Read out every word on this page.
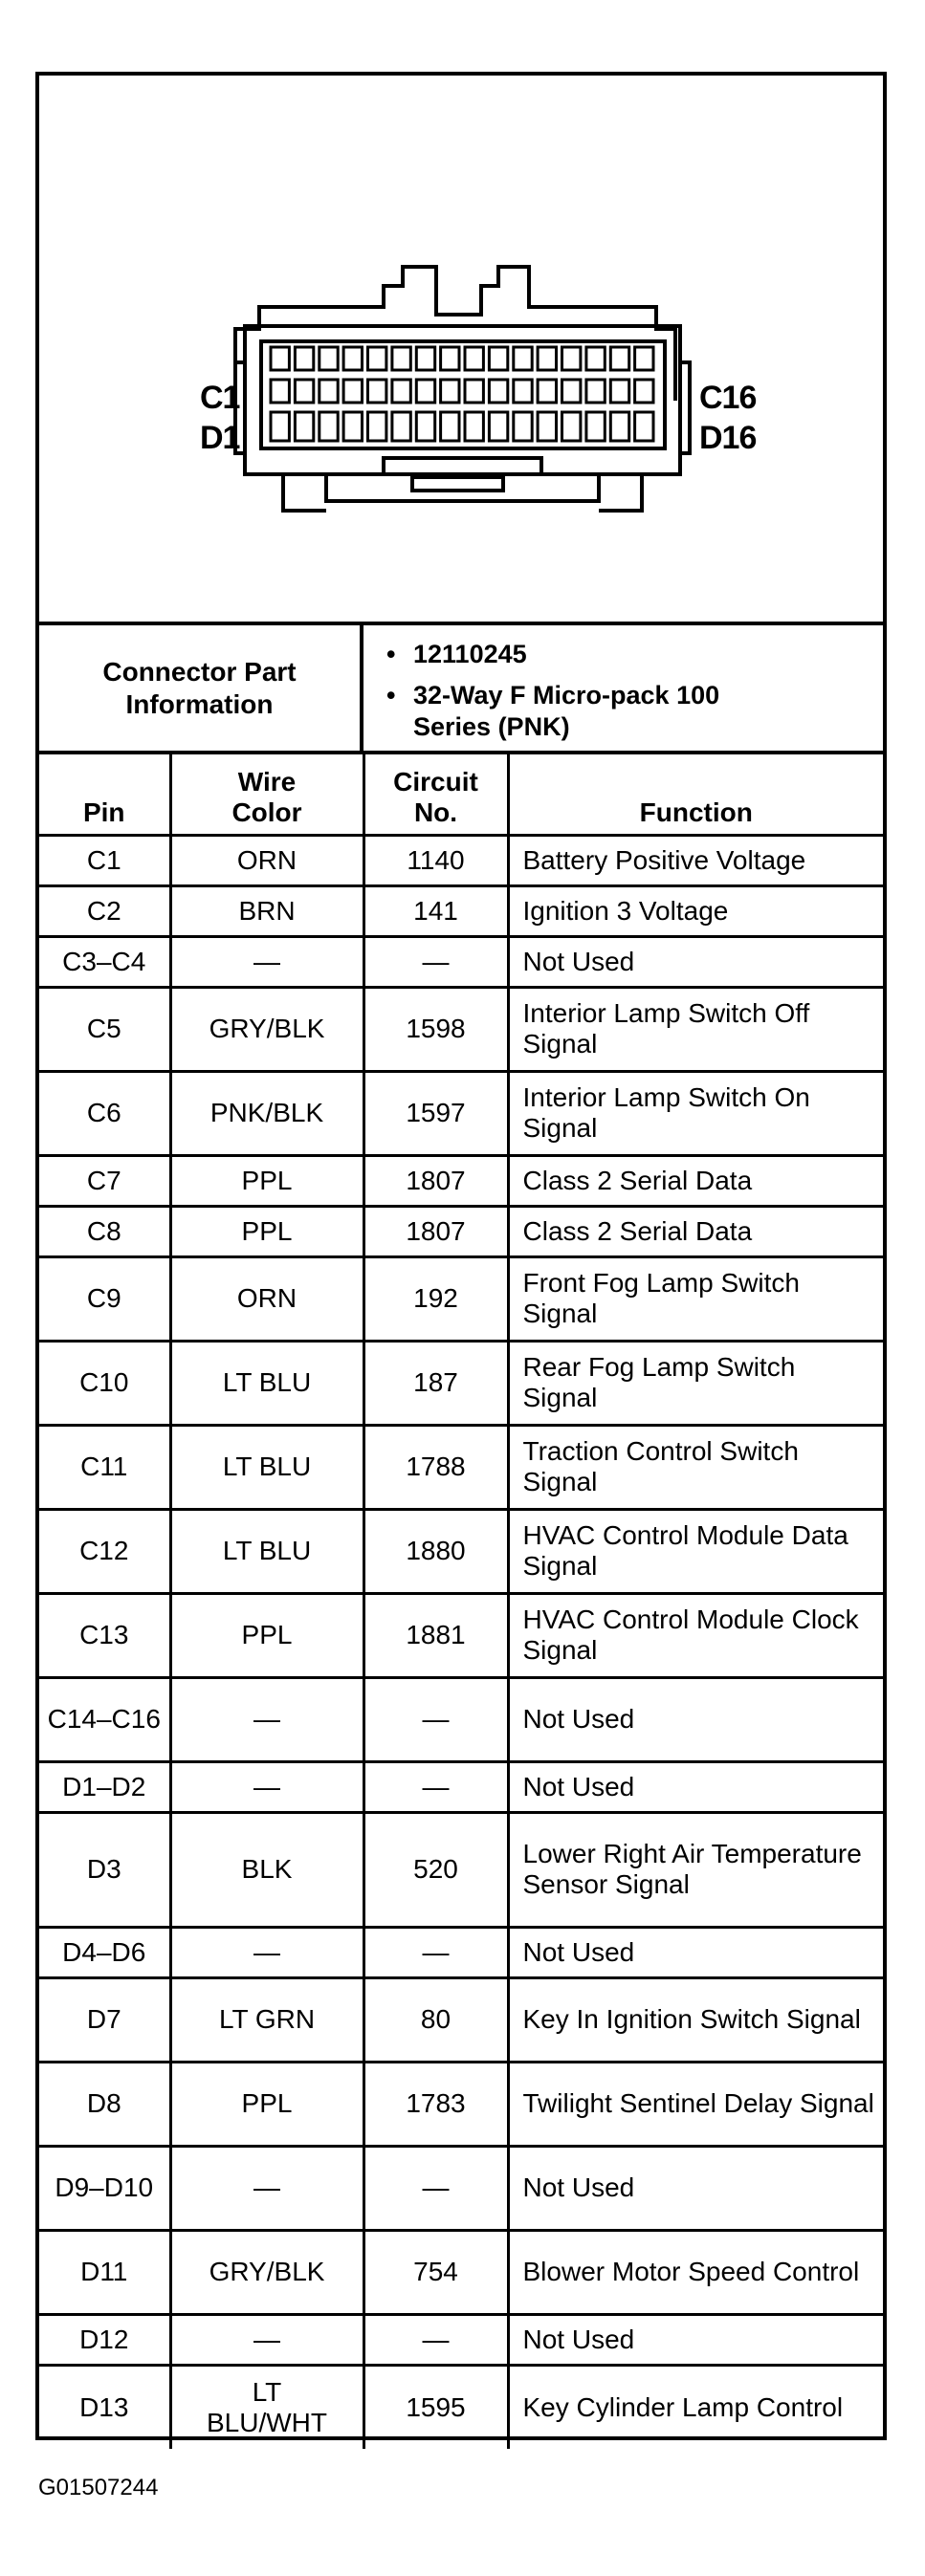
C1
D1
C16
D16
Connector Part Information
• 12110245
• 32-Way F Micro-pack 100 Series (PNK)
Pin	Wire Color	Circuit No.	Function
C1	ORN	1140	Battery Positive Voltage
C2	BRN	141	Ignition 3 Voltage
C3–C4	—	—	Not Used
C5	GRY/BLK	1598	Interior Lamp Switch Off Signal
C6	PNK/BLK	1597	Interior Lamp Switch On Signal
C7	PPL	1807	Class 2 Serial Data
C8	PPL	1807	Class 2 Serial Data
C9	ORN	192	Front Fog Lamp Switch Signal
C10	LT BLU	187	Rear Fog Lamp Switch Signal
C11	LT BLU	1788	Traction Control Switch Signal
C12	LT BLU	1880	HVAC Control Module Data Signal
C13	PPL	1881	HVAC Control Module Clock Signal
C14–C16	—	—	Not Used
D1–D2	—	—	Not Used
D3	BLK	520	Lower Right Air Temperature Sensor Signal
D4–D6	—	—	Not Used
D7	LT GRN	80	Key In Ignition Switch Signal
D8	PPL	1783	Twilight Sentinel Delay Signal
D9–D10	—	—	Not Used
D11	GRY/BLK	754	Blower Motor Speed Control
D12	—	—	Not Used
D13	LT BLU/WHT	1595	Key Cylinder Lamp Control
G01507244
